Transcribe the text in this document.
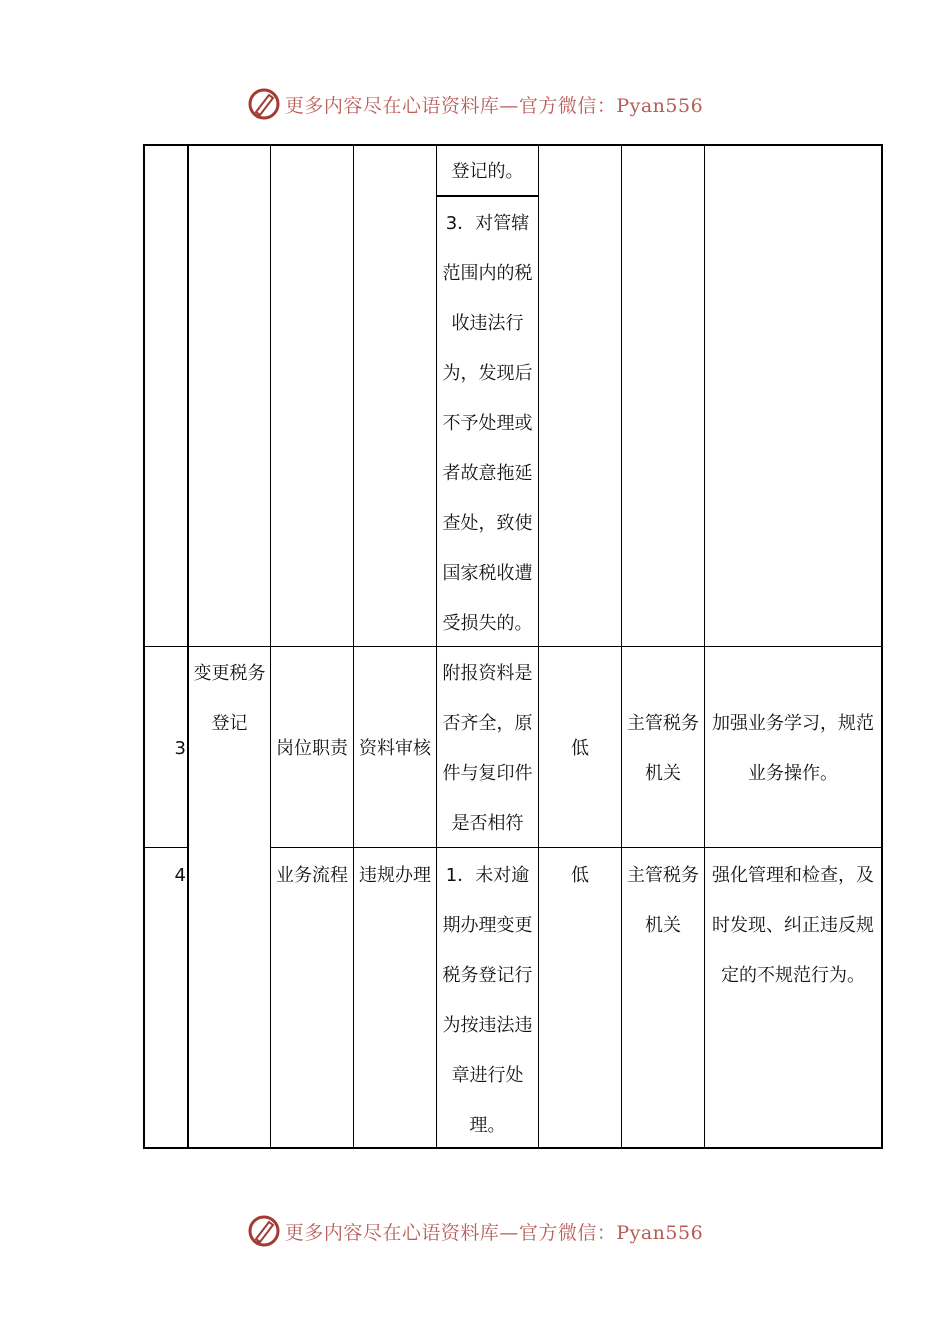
更多内容尽在心语资料库—官方微信：Pyan556
登记的。
3．对管辖
范围内的税
收违法行
为，发现后
不予处理或
者故意拖延
查处，致使
国家税收遭
受损失的。
3
变更税务
登记
岗位职责 资料审核
附报资料是
否齐全，原
件与复印件
是否相符
低
主管税务
机关
加强业务学习，规范
业务操作。
4	业务流程 违规办理 1．未对逾
期办理变更
税务登记行
为按违法违
章进行处
理。
低	主管税务
机关
强化管理和检查，及
时发现、纠正违反规
定的不规范行为。
更多内容尽在心语资料库—官方微信：Pyan556
